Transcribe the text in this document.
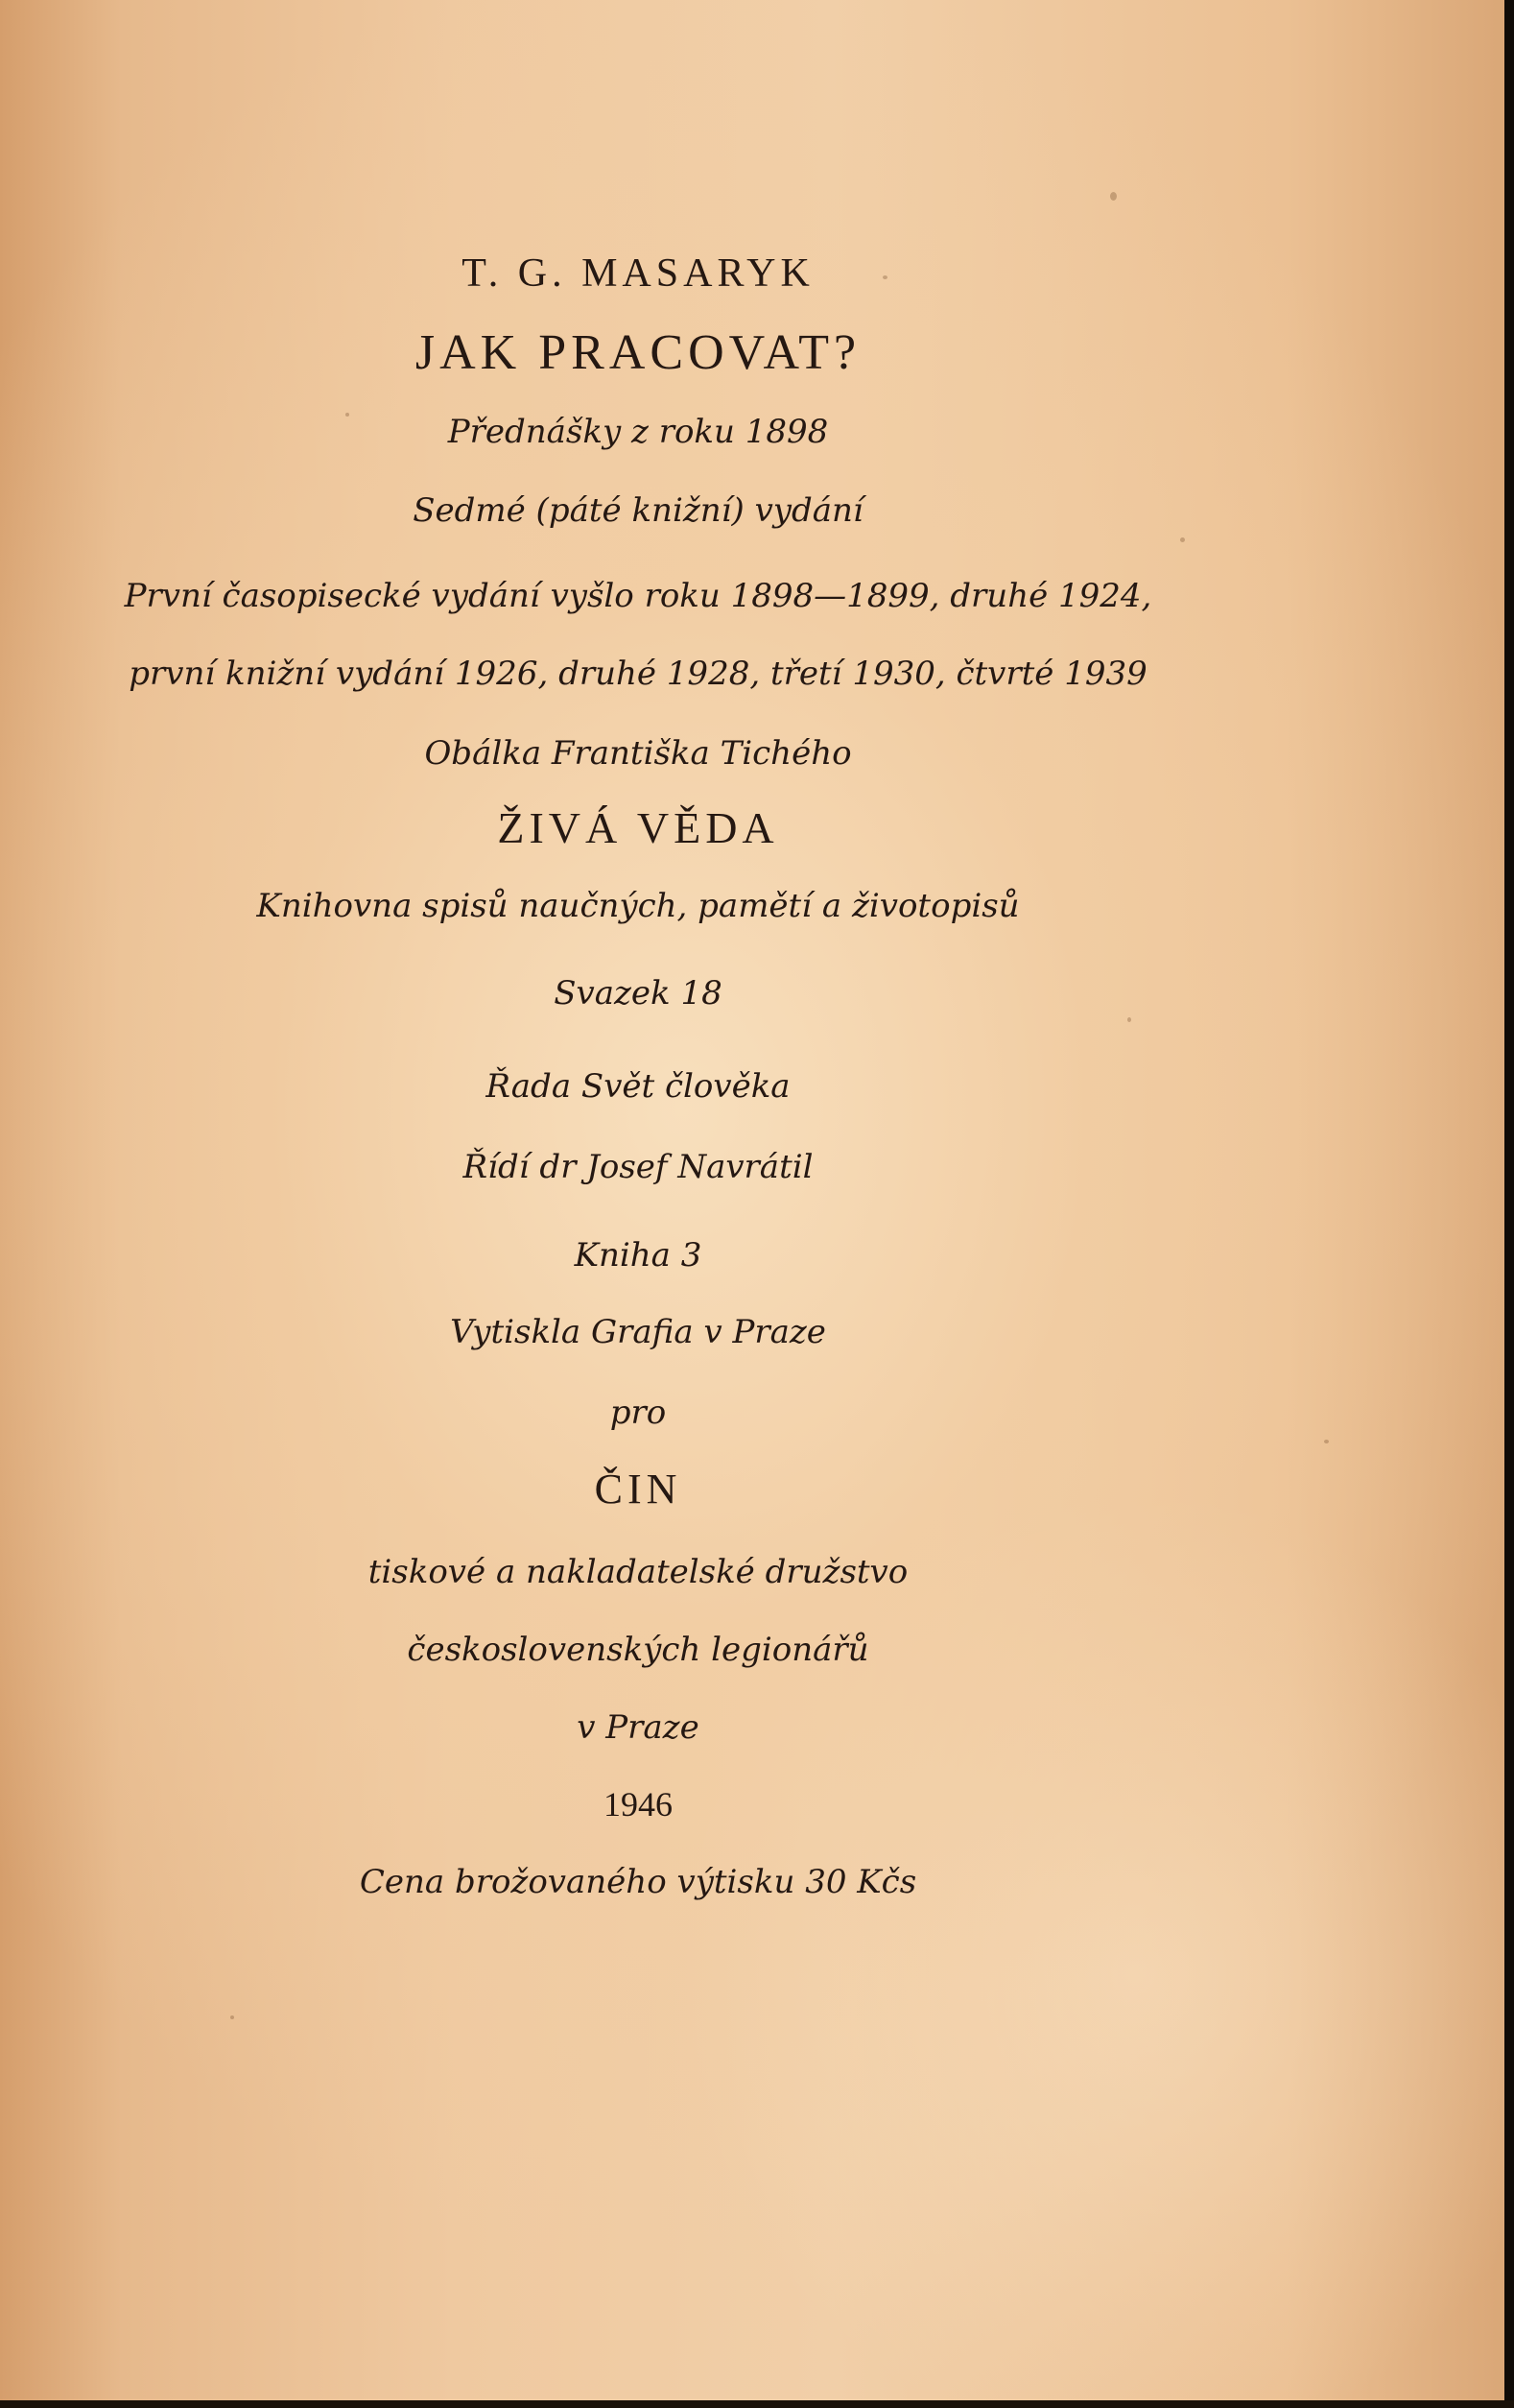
T. G. MASARYK
JAK PRACOVAT?
Přednášky z roku 1898
Sedmé (páté knižní) vydání
První časopisecké vydání vyšlo roku 1898—1899, druhé 1924,
první knižní vydání 1926, druhé 1928, třetí 1930, čtvrté 1939
Obálka Františka Tichého
ŽIVÁ VĚDA
Knihovna spisů naučných, pamětí a životopisů
Svazek 18
Řada Svět člověka
Řídí dr Josef Navrátil
Kniha 3
Vytiskla Grafia v Praze
pro
ČIN
tiskové a nakladatelské družstvo
československých legionářů
v Praze
1946
Cena brožovaného výtisku 30 Kčs
